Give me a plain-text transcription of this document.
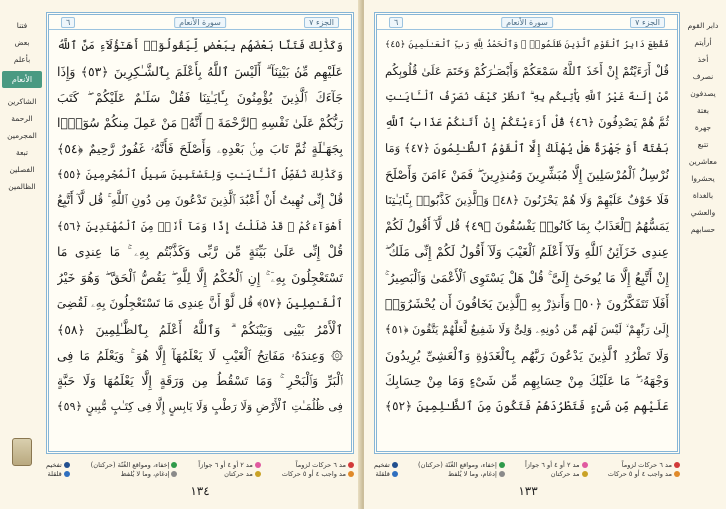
فتنا
بعض
بأعلم
الأنعام
الشاكرين
الرحمة
المجرمين
تبعة
الفصلين
الظالمين
سورة الأنعام	الجزء ٧
٦
وَكَذَٰلِكَ فَتَنَّا بَعْضَهُم بِبَعْضٍ لِّيَقُولُوٓا۟ أَهَـٰٓؤُلَآءِ مَنَّ ٱللَّهُ
عَلَيْهِم مِّنۢ بَيْنِنَآ ۗ أَلَيْسَ ٱللَّهُ بِأَعْلَمَ بِٱلشَّـٰكِرِينَ ﴿٥٣﴾ وَإِذَا
جَآءَكَ ٱلَّذِينَ يُؤْمِنُونَ بِـَٔايَـٰتِنَا فَقُلْ سَلَـٰمٌ عَلَيْكُمْ ۖ كَتَبَ
رَبُّكُمْ عَلَىٰ نَفْسِهِ ٱلرَّحْمَةَ ۖ أَنَّهُۥ مَنْ عَمِلَ مِنكُمْ سُوٓءًۢا
بِجَهَـٰلَةٍ ثُمَّ تَابَ مِنۢ بَعْدِهِۦ وَأَصْلَحَ فَأَنَّهُۥ غَفُورٌ رَّحِيمٌ ﴿٥٤﴾
وَكَذَٰلِكَ نُفَصِّلُ ٱلْـَٔايَـٰتِ وَلِتَسْتَبِينَ سَبِيلُ ٱلْمُجْرِمِينَ ﴿٥٥﴾
قُلْ إِنِّى نُهِيتُ أَنْ أَعْبُدَ ٱلَّذِينَ تَدْعُونَ مِن دُونِ ٱللَّهِ ۚ قُل لَّآ أَتَّبِعُ
أَهْوَآءَكُمْ ۙ قَدْ ضَلَلْتُ إِذًا وَمَآ أَنَا۠ مِنَ ٱلْمُهْتَدِينَ ﴿٥٦﴾
قُلْ إِنِّى عَلَىٰ بَيِّنَةٍ مِّن رَّبِّى وَكَذَّبْتُم بِهِۦ ۚ مَا عِندِى مَا
تَسْتَعْجِلُونَ بِهِۦٓ ۚ إِنِ ٱلْحُكْمُ إِلَّا لِلَّهِ ۖ يَقُصُّ ٱلْحَقَّ ۖ وَهُوَ خَيْرُ
ٱلْفَـٰصِلِينَ ﴿٥٧﴾ قُل لَّوْ أَنَّ عِندِى مَا تَسْتَعْجِلُونَ بِهِۦ لَقُضِىَ
ٱلْأَمْرُ بَيْنِى وَبَيْنَكُمْ ۗ وَٱللَّهُ أَعْلَمُ بِٱلظَّـٰلِمِينَ ﴿٥٨﴾
۞ وَعِندَهُۥ مَفَاتِحُ ٱلْغَيْبِ لَا يَعْلَمُهَآ إِلَّا هُوَ ۚ وَيَعْلَمُ مَا فِى
ٱلْبَرِّ وَٱلْبَحْرِ ۚ وَمَا تَسْقُطُ مِن وَرَقَةٍ إِلَّا يَعْلَمُهَا وَلَا حَبَّةٍ
فِى ظُلُمَـٰتِ ٱلْأَرْضِ وَلَا رَطْبٍ وَلَا يَابِسٍ إِلَّا فِى كِتَـٰبٍ مُّبِينٍ ﴿٥٩﴾
مد ٦ حركات لزوماً
مد واجب ٤ أو ٥ حركات
مد ٢ أو ٤ أو ٦ جوازاً
مد حركتان
إخفاء، ومواقع الغُنّة (حركتان)
إدغام، وما لا يُلفظ
تفخيم
قلقلة
١٣٤
سورة الأنعام	الجزء ٧
٦
فَقُطِعَ دَابِرُ ٱلْقَوْمِ ٱلَّذِينَ ظَلَمُوا۟ ۚ وَٱلْحَمْدُ لِلَّهِ رَبِّ ٱلْعَـٰلَمِينَ ﴿٤٥﴾
قُلْ أَرَءَيْتُمْ إِنْ أَخَذَ ٱللَّهُ سَمْعَكُمْ وَأَبْصَـٰرَكُمْ وَخَتَمَ عَلَىٰ قُلُوبِكُم
مَّنْ إِلَـٰهٌ غَيْرُ ٱللَّهِ يَأْتِيكُم بِهِ ۗ ٱنظُرْ كَيْفَ نُصَرِّفُ ٱلْـَٔايَـٰتِ
ثُمَّ هُمْ يَصْدِفُونَ ﴿٤٦﴾ قُلْ أَرَءَيْتَكُمْ إِنْ أَتَىٰكُمْ عَذَابُ ٱللَّهِ
بَغْتَةً أَوْ جَهْرَةً هَلْ يُهْلَكُ إِلَّا ٱلْقَوْمُ ٱلظَّـٰلِمُونَ ﴿٤٧﴾ وَمَا
نُرْسِلُ ٱلْمُرْسَلِينَ إِلَّا مُبَشِّرِينَ وَمُنذِرِينَ ۖ فَمَنْ ءَامَنَ وَأَصْلَحَ
فَلَا خَوْفٌ عَلَيْهِمْ وَلَا هُمْ يَحْزَنُونَ ﴿٤٨﴾ وَٱلَّذِينَ كَذَّبُوا۟ بِـَٔايَـٰتِنَا
يَمَسُّهُمُ ٱلْعَذَابُ بِمَا كَانُوا۟ يَفْسُقُونَ ﴿٤٩﴾ قُل لَّآ أَقُولُ لَكُمْ
عِندِى خَزَآئِنُ ٱللَّهِ وَلَآ أَعْلَمُ ٱلْغَيْبَ وَلَآ أَقُولُ لَكُمْ إِنِّى مَلَكٌ ۖ
إِنْ أَتَّبِعُ إِلَّا مَا يُوحَىٰٓ إِلَىَّ ۚ قُلْ هَلْ يَسْتَوِى ٱلْأَعْمَىٰ وَٱلْبَصِيرُ ۚ
أَفَلَا تَتَفَكَّرُونَ ﴿٥٠﴾ وَأَنذِرْ بِهِ ٱلَّذِينَ يَخَافُونَ أَن يُحْشَرُوٓا۟
إِلَىٰ رَبِّهِمْ ۙ لَيْسَ لَهُم مِّن دُونِهِۦ وَلِىٌّ وَلَا شَفِيعٌ لَّعَلَّهُمْ يَتَّقُونَ ﴿٥١﴾
وَلَا تَطْرُدِ ٱلَّذِينَ يَدْعُونَ رَبَّهُم بِٱلْغَدَوٰةِ وَٱلْعَشِىِّ يُرِيدُونَ
وَجْهَهُۥ ۖ مَا عَلَيْكَ مِنْ حِسَابِهِم مِّن شَىْءٍ وَمَا مِنْ حِسَابِكَ
عَلَيْهِم مِّن شَىْءٍ فَتَطْرُدَهُمْ فَتَكُونَ مِنَ ٱلظَّـٰلِمِينَ ﴿٥٢﴾
دابر القوم
أرأيتم
أخذ
نصرف
يصدفون
بغتة
جهرة
تتبع
معاشرين
يحشروا
بالغداة
والعشي
حسابهم
مد ٦ حركات لزوماً
مد واجب ٤ أو ٥ حركات
مد ٢ أو ٤ أو ٦ جوازاً
مد حركتان
إخفاء، ومواقع الغُنّة (حركتان)
إدغام، وما لا يُلفظ
تفخيم
قلقلة
١٣٣
